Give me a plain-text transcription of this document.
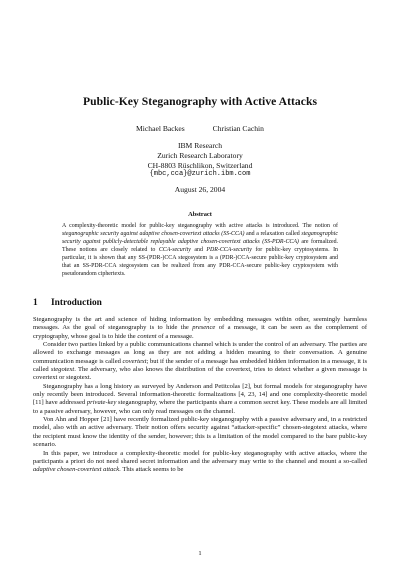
Public-Key Steganography with Active Attacks
Michael Backes	Christian Cachin
IBM Research
Zurich Research Laboratory
CH-8803 Rüschlikon, Switzerland
{mbc,cca}@zurich.ibm.com
August 26, 2004
Abstract

A complexity-theoretic model for public-key steganography with active attacks is introduced. The notion of steganographic security against adaptive chosen-covertext attacks (SS-CCA) and a relaxation called steganographic security against publicly-detectable replayable adaptive chosen-covertext attacks (SS-PDR-CCA) are formalized. These notions are closely related to CCA-security and PDR-CCA-security for public-key cryptosystems. In particular, it is shown that any SS-(PDR-)CCA stegosystem is a (PDR-)CCA-secure public-key cryptosystem and that an SS-PDR-CCA stegosystem can be realized from any PDR-CCA-secure public-key cryptosystem with pseudorandom ciphertexts.

1 Introduction

Steganography is the art and science of hiding information by embedding messages within other, seemingly harmless messages. As the goal of steganography is to hide the presence of a message, it can be seen as the complement of cryptography, whose goal is to hide the content of a message.

Consider two parties linked by a public communications channel which is under the control of an adversary. The parties are allowed to exchange messages as long as they are not adding a hidden meaning to their conversation. A genuine communication message is called covertext; but if the sender of a message has embedded hidden information in a message, it is called stegotext. The adversary, who also knows the distribution of the covertext, tries to detect whether a given message is covertext or stegotext.

Steganography has a long history as surveyed by Anderson and Petitcolas [2], but formal models for steganography have only recently been introduced. Several information-theoretic formalizations [4, 23, 14] and one complexity-theoretic model [11] have addressed private-key steganography, where the participants share a common secret key. These models are all limited to a passive adversary, however, who can only read messages on the channel.

Von Ahn and Hopper [21] have recently formalized public-key steganography with a passive adversary and, in a restricted model, also with an active adversary. Their notion offers security against “attacker-specific” chosen-stegotext attacks, where the recipient must know the identity of the sender, however; this is a limitation of the model compared to the bare public-key scenario.

In this paper, we introduce a complexity-theoretic model for public-key steganography with active attacks, where the participants a priori do not need shared secret information and the adversary may write to the channel and mount a so-called adaptive chosen-covertext attack. This attack seems to be

1
